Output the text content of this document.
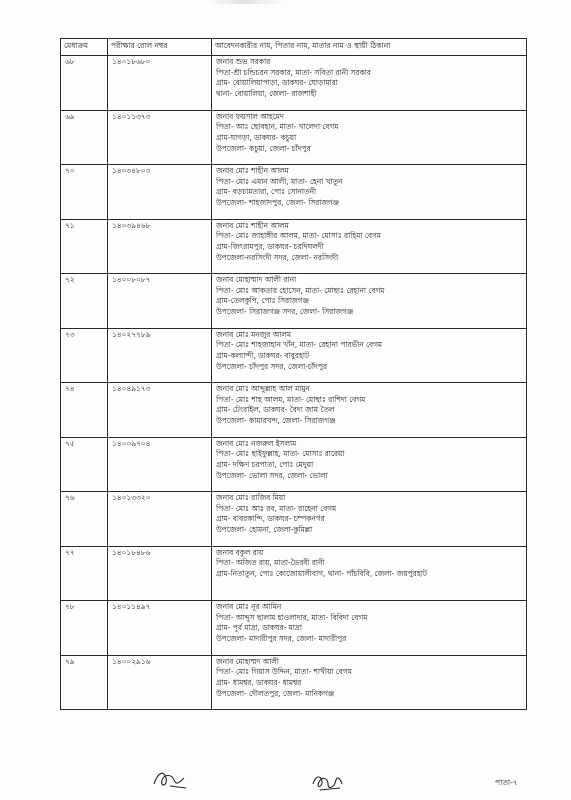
মেধাক্রম	পরীক্ষার রোল নম্বর	আবেদনকারীর নাম, পিতার নাম, মাতার নাম ও স্থায়ী ঠিকানা
৬৮	১৪০১৮৬৮০	জনাব শুভ সরকার
পিতা-শ্রী চন্ডিচরন সরকার, মাতা- সবিতা রানী সরকার
গ্রাম- বোয়ালিয়াপাড়া, ডাকঘর- ঘোড়ামারা
থানা- বোয়ালিয়া, জেলা- রাজশাহী

৬৯	১৪০১১৩৭৩	জনাব ফয়সাল আহমেদ
পিতা- আঃ ছোবহান, মাতা- খালেদা বেগম
গ্রাম-ঘাগড়া, ডাকঘর- কচুয়া
উপজেলা- কচুয়া, জেলা- চাঁদপুর

৭০	১৪০৩৪৮০৩	জনাব মোঃ শাহীন আলম
পিতা- মোঃ এমান আলী, মাতা- হেনা খাতুন
গ্রাম- বড়চামতারা, পোঃ সোনাতনী
উপজেলা- শাহজাদপুর, জেলা- সিরাজগঞ্জ

৭১	১৪০৩৯৪৬৮	জনাব মোঃ শাহীন আলম
পিতা- মোঃ জাহাঙ্গীর আলম, মাতা- মোসাঃ রাহিমা বেগম
গ্রাম-জিৎরামপুর, ডাকঘর- চরদিঘলদী
উপজেলা-নরসিংদী সদর, জেলা- নরসিংদী

৭২	১৪০০৮০৮৭	জনাব মোহাম্মাদ আলী রানা
পিতা- মোঃ আকতার হোসেন, মাতা- মোছাঃ রেহানা বেগম
গ্রাম-তেলকুপি, পোঃ সিরাজগঞ্জ
উপজেলা- সিরাজগঞ্জ সদর, জেলা- সিরাজগঞ্জ

৭৩	১৪০২৭৭৮৯	জনাব মোঃ মনজুর আলম
পিতা- মোঃ শাহজাহান খাঁন, মাতা- রেহানা পারভীন বেগম
গ্রাম-কল্যান্দী, ডাকঘর- বাবুরহাট
উপজেলা- চাঁদপুর সদর, জেলা-চাঁদপুর

৭৪	১৪০৪৯১৭৩	জনাব মোঃ আব্দুল্লাহ আল মামুন
পিতা- মোঃ শাহ আলম, মাতা- মোছাঃ রাশিদা বেগম
গ্রাম- টেংরাইল, ডাকঘর- বৈদ্য জাম তৈল
উপজেলা- কামারখন্দ, জেলা- সিরাজগঞ্জ

৭৫	১৪০০৯৭০৪	জনাব মোঃ নজরুল ইসলাম
পিতা- মোঃ ছাইফুল্লাহ, মাতা- মোসাঃ রাবেয়া
গ্রাম- দক্ষিণ চরপাতা, পোঃ মেদুয়া
উপজেলা- ভোলা সদর, জেলা- ভোলা

৭৬	১৪০১৩৩২০	জনাব মোঃ রাজিব মিয়া
পিতা- মোঃ আঃ রব, মাতা- রাহেনা বেগম
গ্রাম- বাবরকান্দি, ডাকঘর- চম্পকনগর
উপজেলা- হোমনা, জেলা-কুমিল্লা

৭৭	১৪০১৮৪৮৬	জনাব বকুল রায়
পিতা- অজিত রায়, মাতা-ভৈরবী রানী
গ্রাম-নিতাতুন, পোঃ কোজোয়ালীবাগ, থানা- পাঁচবিবি, জেলা- জয়পুরহাট

৭৮	১৪০১১৪৯৭	জনাব মোঃ নূর আমিন
পিতা- আব্দুস ছালাম হাওলাদার, মাতা- বিবিদা বেগম
গ্রাম- পূর্ব মাদ্রা, ডাকঘর- মাদ্রা
উপজেলা- মাদারীপুর সদর, জেলা- মাদারীপুর

৭৯	১৪০০২৯১৬	জনাব মোহাম্মদ আলী
পিতা- মোঃ গিয়াস উদ্দিন, মাতা- শাখীয়া বেগম
গ্রাম- ধামশ্বর, ডাকঘর- ধামশ্বর
উপজেলা- দৌলতপুর, জেলা- মানিকগঞ্জ
পাতা-৭
